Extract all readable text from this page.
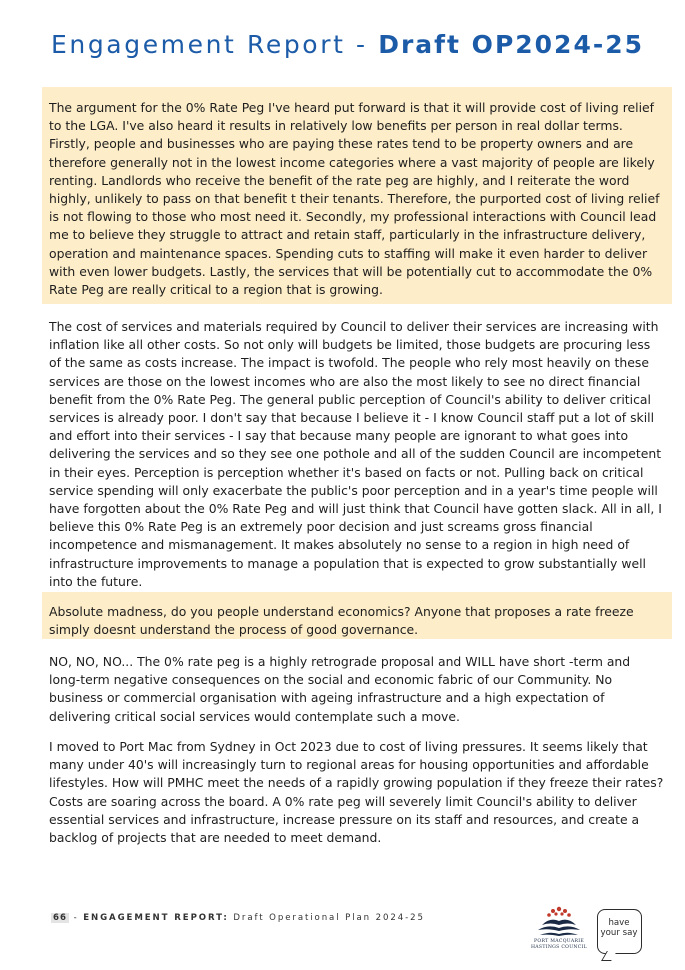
Engagement Report - Draft OP2024-25
The argument for the 0% Rate Peg I've heard put forward is that it will provide cost of living relief to the LGA. I've also heard it results in relatively low benefits per person in real dollar terms. Firstly, people and businesses who are paying these rates tend to be property owners and are therefore generally not in the lowest income categories where a vast majority of people are likely renting. Landlords who receive the benefit of the rate peg are highly, and I reiterate the word highly, unlikely to pass on that benefit t their tenants. Therefore, the purported cost of living relief is not flowing to those who most need it. Secondly, my professional interactions with Council lead me to believe they struggle to attract and retain staff, particularly in the infrastructure delivery, operation and maintenance spaces. Spending cuts to staffing will make it even harder to deliver with even lower budgets. Lastly, the services that will be potentially cut to accommodate the 0% Rate Peg are really critical to a region that is growing.
The cost of services and materials required by Council to deliver their services are increasing with inflation like all other costs. So not only will budgets be limited, those budgets are procuring less of the same as costs increase. The impact is twofold. The people who rely most heavily on these services are those on the lowest incomes who are also the most likely to see no direct financial benefit from the 0% Rate Peg. The general public perception of Council's ability to deliver critical services is already poor. I don't say that because I believe it - I know Council staff put a lot of skill and effort into their services - I say that because many people are ignorant to what goes into delivering the services and so they see one pothole and all of the sudden Council are incompetent in their eyes. Perception is perception whether it's based on facts or not. Pulling back on critical service spending will only exacerbate the public's poor perception and in a year's time people will have forgotten about the 0% Rate Peg and will just think that Council have gotten slack. All in all, I believe this 0% Rate Peg is an extremely poor decision and just screams gross financial incompetence and mismanagement. It makes absolutely no sense to a region in high need of infrastructure improvements to manage a population that is expected to grow substantially well into the future.
Absolute madness, do you people understand economics? Anyone that proposes a rate freeze simply doesnt understand the process of good governance.
NO, NO, NO... The 0% rate peg is a highly retrograde proposal and WILL have short -term and long-term negative consequences on the social and economic fabric of our Community. No business or commercial organisation with ageing infrastructure and a high expectation of delivering critical social services would contemplate such a move.
I moved to Port Mac from Sydney in Oct 2023 due to cost of living pressures. It seems likely that many under 40's will increasingly turn to regional areas for housing opportunities and affordable lifestyles. How will PMHC meet the needs of a rapidly growing population if they freeze their rates? Costs are soaring across the board. A 0% rate peg will severely limit Council's ability to deliver essential services and infrastructure, increase pressure on its staff and resources, and create a backlog of projects that are needed to meet demand.
66 - ENGAGEMENT REPORT: Draft Operational Plan 2024-25
PORT MACQUARIE
HASTINGS COUNCIL
have
your say
